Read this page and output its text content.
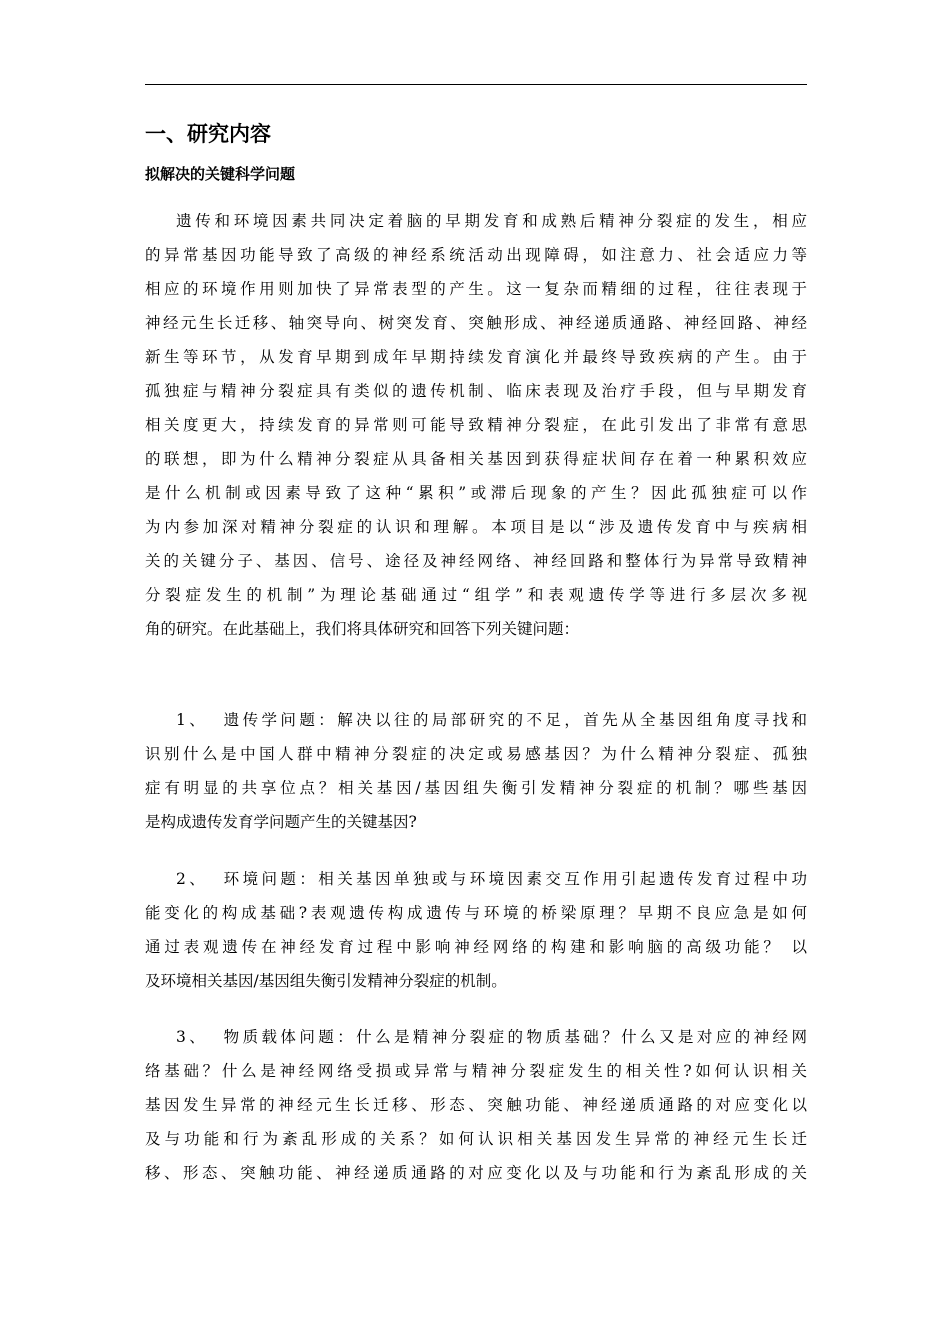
一、研究内容
拟解决的关键科学问题
遗传和环境因素共同决定着脑的早期发育和成熟后精神分裂症的发生，相应
的异常基因功能导致了高级的神经系统活动出现障碍，如注意力、社会适应力等
相应的环境作用则加快了异常表型的产生。这一复杂而精细的过程，往往表现于
神经元生长迁移、轴突导向、树突发育、突触形成、神经递质通路、神经回路、神经
新生等环节，从发育早期到成年早期持续发育演化并最终导致疾病的产生。由于
孤独症与精神分裂症具有类似的遗传机制、临床表现及治疗手段，但与早期发育
相关度更大，持续发育的异常则可能导致精神分裂症，在此引发出了非常有意思
的联想，即为什么精神分裂症从具备相关基因到获得症状间存在着一种累积效应
是什么机制或因素导致了这种“累积”或滞后现象的产生？因此孤独症可以作
为内参加深对精神分裂症的认识和理解。本项目是以“涉及遗传发育中与疾病相
关的关键分子、基因、信号、途径及神经网络、神经回路和整体行为异常导致精神
分裂症发生的机制”为理论基础通过“组学”和表观遗传学等进行多层次多视
角的研究。在此基础上，我们将具体研究和回答下列关键问题：
1、 遗传学问题：解决以往的局部研究的不足，首先从全基因组角度寻找和
识别什么是中国人群中精神分裂症的决定或易感基因？为什么精神分裂症、孤独
症有明显的共享位点？相关基因/基因组失衡引发精神分裂症的机制？哪些基因
是构成遗传发育学问题产生的关键基因?
2、 环境问题：相关基因单独或与环境因素交互作用引起遗传发育过程中功
能变化的构成基础?表观遗传构成遗传与环境的桥梁原理？早期不良应急是如何
通过表观遗传在神经发育过程中影响神经网络的构建和影响脑的高级功能？ 以
及环境相关基因/基因组失衡引发精神分裂症的机制。
3、 物质载体问题：什么是精神分裂症的物质基础？什么又是对应的神经网
络基础？什么是神经网络受损或异常与精神分裂症发生的相关性?如何认识相关
基因发生异常的神经元生长迁移、形态、突触功能、神经递质通路的对应变化以
及与功能和行为紊乱形成的关系？如何认识相关基因发生异常的神经元生长迁
移、形态、突触功能、神经递质通路的对应变化以及与功能和行为紊乱形成的关
